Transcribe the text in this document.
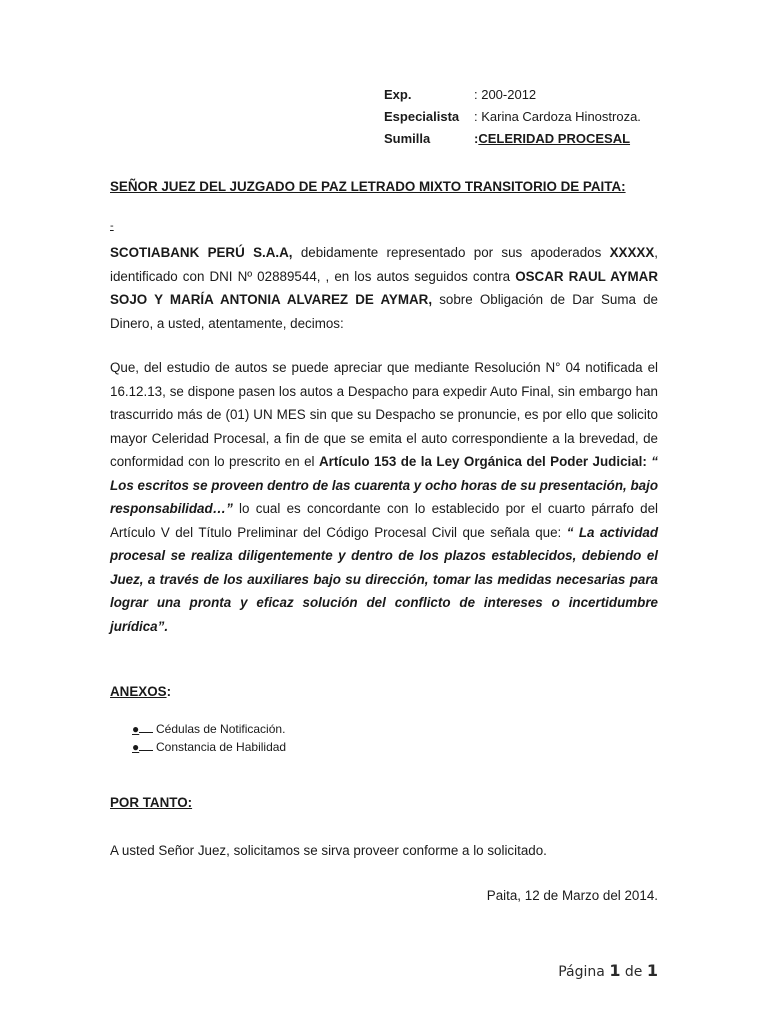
Exp.	: 200-2012
Especialista	: Karina Cardoza Hinostroza.
Sumilla	: CELERIDAD PROCESAL
SEÑOR JUEZ DEL JUZGADO DE PAZ LETRADO MIXTO TRANSITORIO DE PAITA:
-
SCOTIABANK PERÚ S.A.A, debidamente representado por sus apoderados XXXXX, identificado con DNI Nº 02889544, , en los autos seguidos contra OSCAR RAUL AYMAR SOJO Y MARÍA ANTONIA ALVAREZ DE AYMAR, sobre Obligación de Dar Suma de Dinero, a usted, atentamente, decimos:
Que, del estudio de autos se puede apreciar que mediante Resolución N° 04 notificada el 16.12.13, se dispone pasen los autos a Despacho para expedir Auto Final, sin embargo han trascurrido más de (01) UN MES sin que su Despacho se pronuncie, es por ello que solicito mayor Celeridad Procesal, a fin de que se emita el auto correspondiente a la brevedad, de conformidad con lo prescrito en el Artículo 153 de la Ley Orgánica del Poder Judicial: “ Los escritos se proveen dentro de las cuarenta y ocho horas de su presentación, bajo responsabilidad…” lo cual es concordante con lo establecido por el cuarto párrafo del Artículo V del Título Preliminar del Código Procesal Civil que señala que: “ La actividad procesal se realiza diligentemente y dentro de los plazos establecidos, debiendo el Juez, a través de los auxiliares bajo su dirección, tomar las medidas necesarias para lograr una pronta y eficaz solución del conflicto de intereses o incertidumbre jurídica”.
ANEXOS:
●	Cédulas de Notificación.
●	Constancia de Habilidad
POR TANTO:
A usted Señor Juez, solicitamos se sirva proveer conforme a lo solicitado.
Paita, 12 de Marzo del 2014.
Página 1 de 1
